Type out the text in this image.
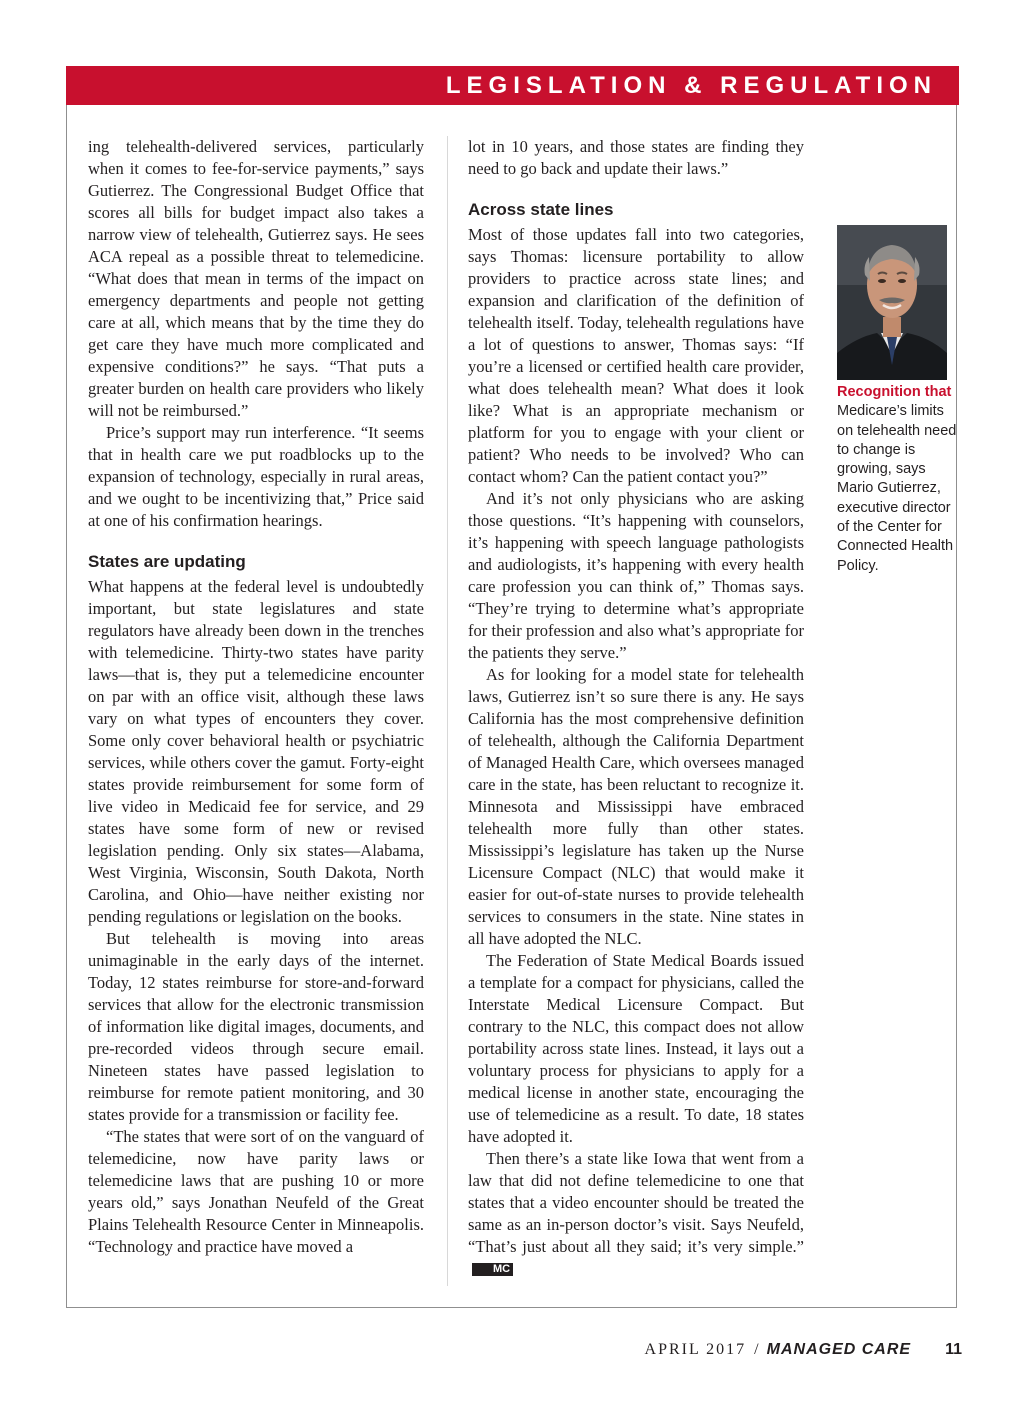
LEGISLATION & REGULATION

ing telehealth-delivered services, particularly when it comes to fee-for-service payments,” says Gutierrez. The Congressional Budget Office that scores all bills for budget impact also takes a narrow view of telehealth, Gutierrez says. He sees ACA repeal as a possible threat to telemedicine. “What does that mean in terms of the impact on emergency departments and people not getting care at all, which means that by the time they do get care they have much more complicated and expensive conditions?” he says. “That puts a greater burden on health care providers who likely will not be reimbursed.”

Price’s support may run interference. “It seems that in health care we put roadblocks up to the expansion of technology, especially in rural areas, and we ought to be incentivizing that,” Price said at one of his confirmation hearings.

States are updating

What happens at the federal level is undoubtedly important, but state legislatures and state regulators have already been down in the trenches with telemedicine. Thirty-two states have parity laws—that is, they put a telemedicine encounter on par with an office visit, although these laws vary on what types of encounters they cover. Some only cover behavioral health or psychiatric services, while others cover the gamut. Forty-eight states provide reimbursement for some form of live video in Medicaid fee for service, and 29 states have some form of new or revised legislation pending. Only six states—Alabama, West Virginia, Wisconsin, South Dakota, North Carolina, and Ohio—have neither existing nor pending regulations or legislation on the books.

But telehealth is moving into areas unimaginable in the early days of the internet. Today, 12 states reimburse for store-and-forward services that allow for the electronic transmission of information like digital images, documents, and pre-recorded videos through secure email. Nineteen states have passed legislation to reimburse for remote patient monitoring, and 30 states provide for a transmission or facility fee.

“The states that were sort of on the vanguard of telemedicine, now have parity laws or telemedicine laws that are pushing 10 or more years old,” says Jonathan Neufeld of the Great Plains Telehealth Resource Center in Minneapolis. “Technology and practice have moved a

lot in 10 years, and those states are finding they need to go back and update their laws.”

Across state lines

Most of those updates fall into two categories, says Thomas: licensure portability to allow providers to practice across state lines; and expansion and clarification of the definition of telehealth itself. Today, telehealth regulations have a lot of questions to answer, Thomas says: “If you’re a licensed or certified health care provider, what does telehealth mean? What does it look like? What is an appropriate mechanism or platform for you to engage with your client or patient? Who needs to be involved? Who can contact whom? Can the patient contact you?”

And it’s not only physicians who are asking those questions. “It’s happening with counselors, it’s happening with speech language pathologists and audiologists, it’s happening with every health care profession you can think of,” Thomas says. “They’re trying to determine what’s appropriate for their profession and also what’s appropriate for the patients they serve.”

As for looking for a model state for telehealth laws, Gutierrez isn’t so sure there is any. He says California has the most comprehensive definition of telehealth, although the California Department of Managed Health Care, which oversees managed care in the state, has been reluctant to recognize it. Minnesota and Mississippi have embraced telehealth more fully than other states. Mississippi’s legislature has taken up the Nurse Licensure Compact (NLC) that would make it easier for out-of-state nurses to provide telehealth services to consumers in the state. Nine states in all have adopted the NLC.

The Federation of State Medical Boards issued a template for a compact for physicians, called the Interstate Medical Licensure Compact. But contrary to the NLC, this compact does not allow portability across state lines. Instead, it lays out a voluntary process for physicians to apply for a medical license in another state, encouraging the use of telemedicine as a result. To date, 18 states have adopted it.

Then there’s a state like Iowa that went from a law that did not define telemedicine to one that states that a video encounter should be treated the same as an in-person doctor’s visit. Says Neufeld, “That’s just about all they said; it’s very simple.”MC

Recognition that Medicare’s limits on telehealth need to change is growing, says Mario Gutierrez, executive director of the Center for Connected Health Policy.
APRIL 2017 / MANAGED CARE 11
